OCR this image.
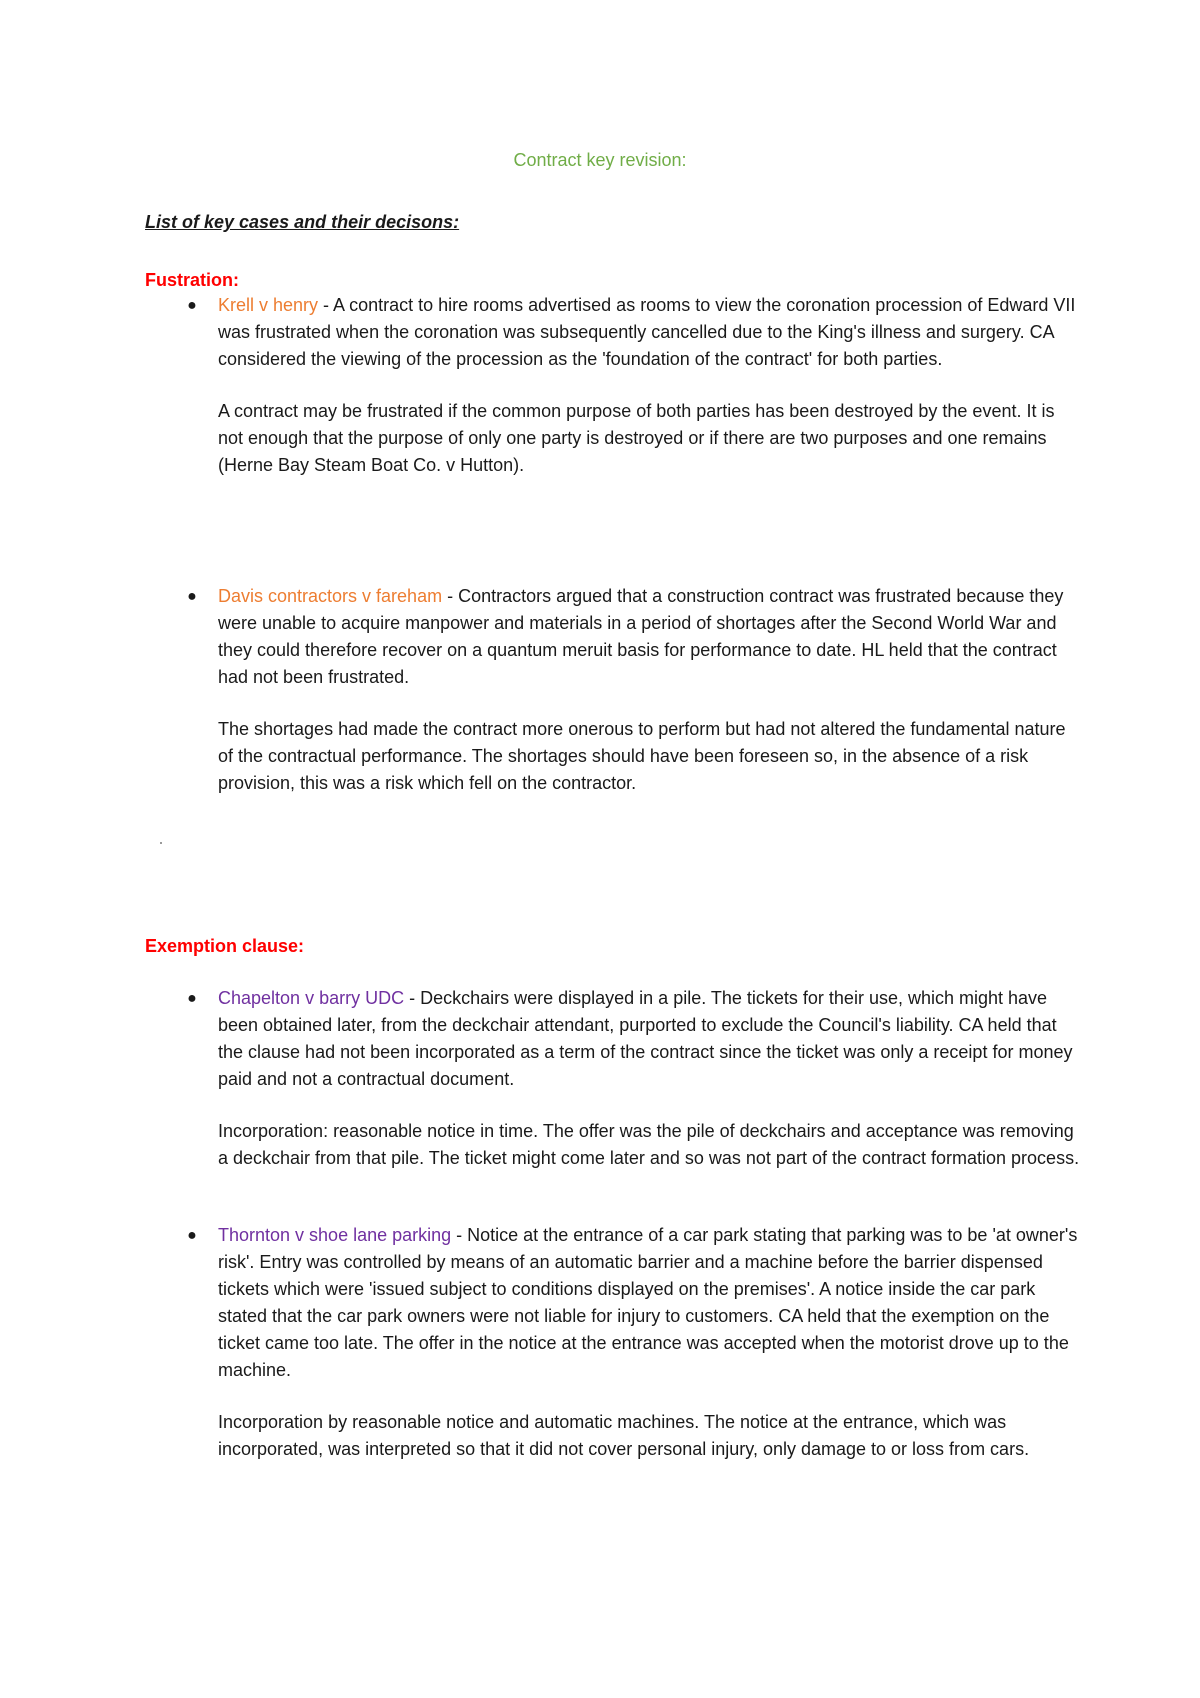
Contract key revision:
List of key cases and their decisons:
Fustration:
● Krell v henry - A contract to hire rooms advertised as rooms to view the coronation procession of Edward VII was frustrated when the coronation was subsequently cancelled due to the King's illness and surgery. CA considered the viewing of the procession as the 'foundation of the contract' for both parties.

A contract may be frustrated if the common purpose of both parties has been destroyed by the event. It is not enough that the purpose of only one party is destroyed or if there are two purposes and one remains (Herne Bay Steam Boat Co. v Hutton).

● Davis contractors v fareham - Contractors argued that a construction contract was frustrated because they were unable to acquire manpower and materials in a period of shortages after the Second World War and they could therefore recover on a quantum meruit basis for performance to date. HL held that the contract had not been frustrated.

The shortages had made the contract more onerous to perform but had not altered the fundamental nature of the contractual performance. The shortages should have been foreseen so, in the absence of a risk provision, this was a risk which fell on the contractor.

Exemption clause:
● Chapelton v barry UDC - Deckchairs were displayed in a pile. The tickets for their use, which might have been obtained later, from the deckchair attendant, purported to exclude the Council's liability. CA held that the clause had not been incorporated as a term of the contract since the ticket was only a receipt for money paid and not a contractual document.

Incorporation: reasonable notice in time. The offer was the pile of deckchairs and acceptance was removing a deckchair from that pile. The ticket might come later and so was not part of the contract formation process.

● Thornton v shoe lane parking - Notice at the entrance of a car park stating that parking was to be 'at owner's risk'. Entry was controlled by means of an automatic barrier and a machine before the barrier dispensed tickets which were 'issued subject to conditions displayed on the premises'. A notice inside the car park stated that the car park owners were not liable for injury to customers. CA held that the exemption on the ticket came too late. The offer in the notice at the entrance was accepted when the motorist drove up to the machine.

Incorporation by reasonable notice and automatic machines. The notice at the entrance, which was incorporated, was interpreted so that it did not cover personal injury, only damage to or loss from cars.
